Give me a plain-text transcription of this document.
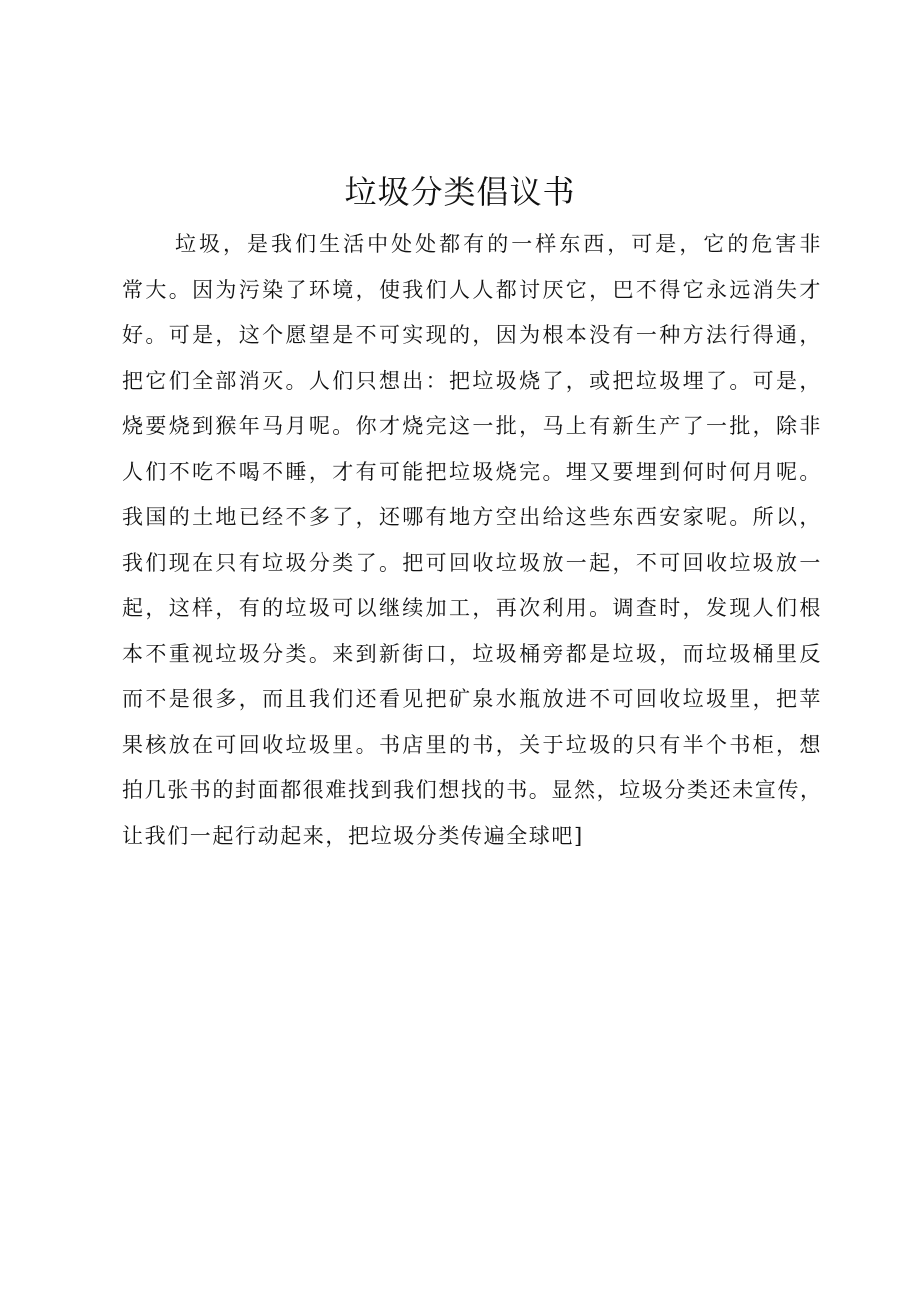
垃圾分类倡议书
垃圾，是我们生活中处处都有的一样东西，可是，它的危害非
常大。因为污染了环境，使我们人人都讨厌它，巴不得它永远消失才
好。可是，这个愿望是不可实现的，因为根本没有一种方法行得通，
把它们全部消灭。人们只想出：把垃圾烧了，或把垃圾埋了。可是，
烧要烧到猴年马月呢。你才烧完这一批，马上有新生产了一批，除非
人们不吃不喝不睡，才有可能把垃圾烧完。埋又要埋到何时何月呢。
我国的土地已经不多了，还哪有地方空出给这些东西安家呢。所以，
我们现在只有垃圾分类了。把可回收垃圾放一起，不可回收垃圾放一
起，这样，有的垃圾可以继续加工，再次利用。调查时，发现人们根
本不重视垃圾分类。来到新街口，垃圾桶旁都是垃圾，而垃圾桶里反
而不是很多，而且我们还看见把矿泉水瓶放进不可回收垃圾里，把苹
果核放在可回收垃圾里。书店里的书，关于垃圾的只有半个书柜，想
拍几张书的封面都很难找到我们想找的书。显然，垃圾分类还未宣传，
让我们一起行动起来，把垃圾分类传遍全球吧]
